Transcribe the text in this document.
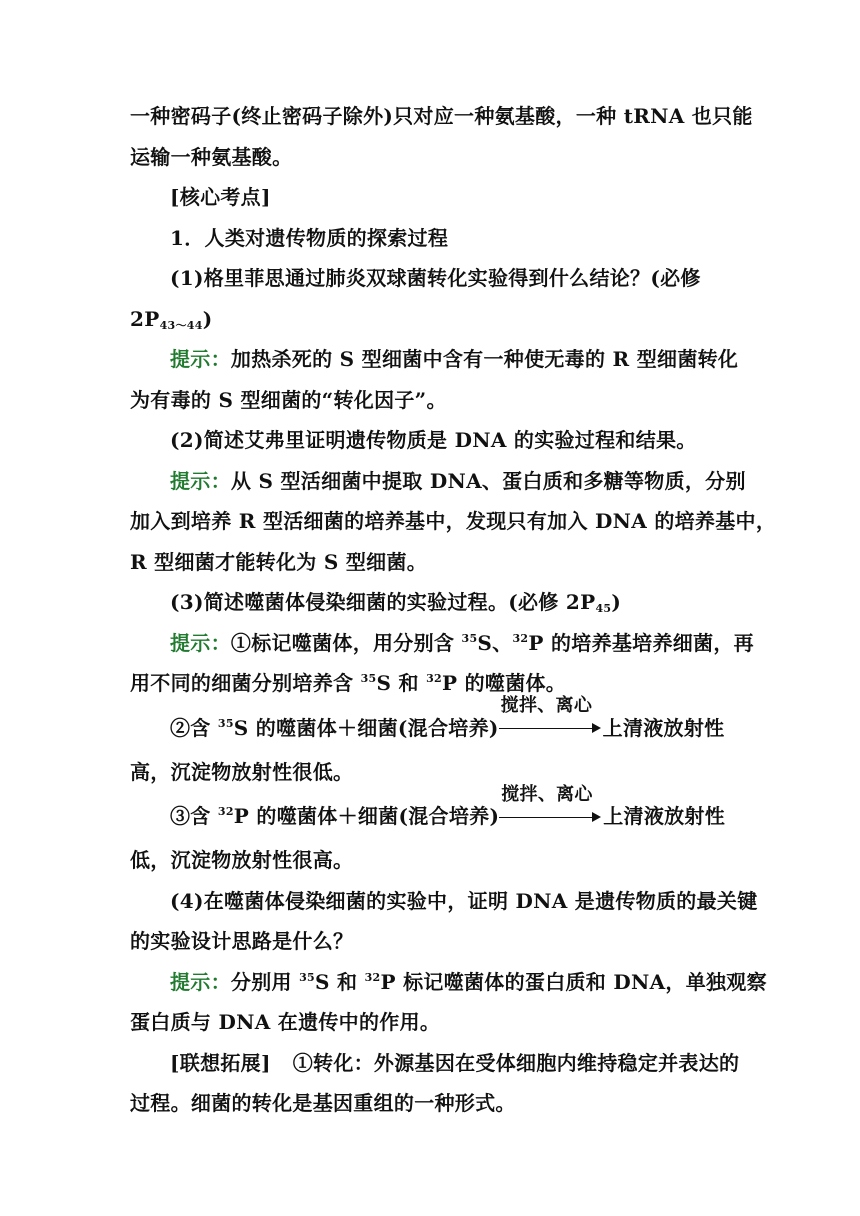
一种密码子(终止密码子除外)只对应一种氨基酸，一种 tRNA 也只能
运输一种氨基酸。
[核心考点]
1．人类对遗传物质的探索过程
(1)格里菲思通过肺炎双球菌转化实验得到什么结论？(必修
$2P_{43\sim 44}$)
提示：加热杀死的 S 型细菌中含有一种使无毒的 R 型细菌转化
为有毒的 S 型细菌的“转化因子”。
(2)简述艾弗里证明遗传物质是 DNA 的实验过程和结果。
提示：从 S 型活细菌中提取 DNA、蛋白质和多糖等物质，分别
加入到培养 R 型活细菌的培养基中，发现只有加入 DNA 的培养基中，
R 型细菌才能转化为 S 型细菌。
(3)简述噬菌体侵染细菌的实验过程。(必修 $2P_{45}$)
提示：①标记噬菌体，用分别含 $^{35}$S、$^{32}$P 的培养基培养细菌，再
用不同的细菌分别培养含 $^{35}$S 和 $^{32}$P 的噬菌体。
②含 $^{35}$S 的噬菌体＋细菌(混合培养)
搅拌、离心
上清液放射性
高，沉淀物放射性很低。
③含 $^{32}$P 的噬菌体＋细菌(混合培养)
搅拌、离心
上清液放射性
低，沉淀物放射性很高。
(4)在噬菌体侵染细菌的实验中，证明 DNA 是遗传物质的最关键
的实验设计思路是什么？
提示：分别用 $^{35}$S 和 $^{32}$P 标记噬菌体的蛋白质和 DNA，单独观察
蛋白质与 DNA 在遗传中的作用。
[联想拓展] ①转化：外源基因在受体细胞内维持稳定并表达的
过程。细菌的转化是基因重组的一种形式。
